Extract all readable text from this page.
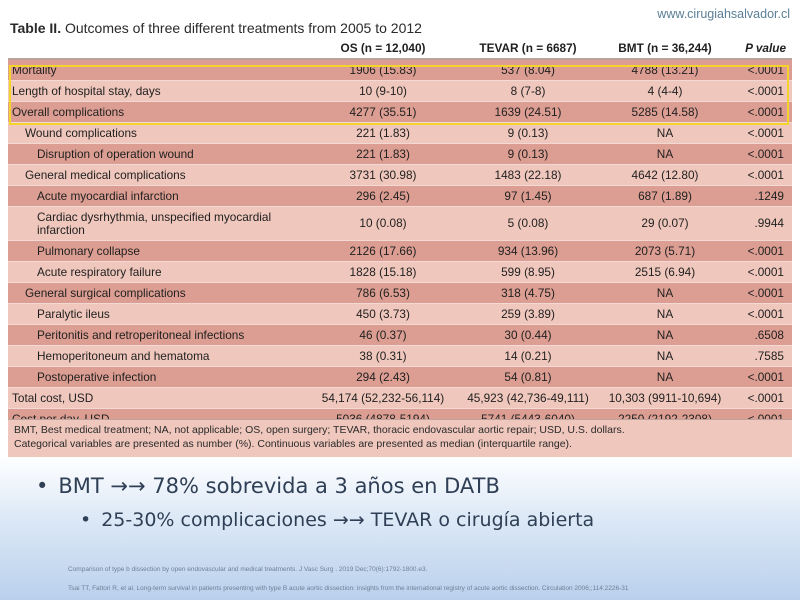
Table II. Outcomes of three different treatments from 2005 to 2012
www.cirugiahsalvador.cl
	OS (n = 12,040)	TEVAR (n = 6687)	BMT (n = 36,244)	P value
Mortality	1906 (15.83)	537 (8.04)	4788 (13.21)	<.0001
Length of hospital stay, days	10 (9-10)	8 (7-8)	4 (4-4)	<.0001
Overall complications	4277 (35.51)	1639 (24.51)	5285 (14.58)	<.0001
Wound complications	221 (1.83)	9 (0.13)	NA	<.0001
Disruption of operation wound	221 (1.83)	9 (0.13)	NA	<.0001
General medical complications	3731 (30.98)	1483 (22.18)	4642 (12.80)	<.0001
Acute myocardial infarction	296 (2.45)	97 (1.45)	687 (1.89)	.1249
Cardiac dysrhythmia, unspecified myocardial infarction	10 (0.08)	5 (0.08)	29 (0.07)	.9944
Pulmonary collapse	2126 (17.66)	934 (13.96)	2073 (5.71)	<.0001
Acute respiratory failure	1828 (15.18)	599 (8.95)	2515 (6.94)	<.0001
General surgical complications	786 (6.53)	318 (4.75)	NA	<.0001
Paralytic ileus	450 (3.73)	259 (3.89)	NA	<.0001
Peritonitis and retroperitoneal infections	46 (0.37)	30 (0.44)	NA	.6508
Hemoperitoneum and hematoma	38 (0.31)	14 (0.21)	NA	.7585
Postoperative infection	294 (2.43)	54 (0.81)	NA	<.0001
Total cost, USD	54,174 (52,232-56,114)	45,923 (42,736-49,111)	10,303 (9911-10,694)	<.0001

BMT, Best medical treatment; NA, not applicable; OS, open surgery; TEVAR, thoracic endovascular aortic repair; USD, U.S. dollars.
Categorical variables are presented as number (%). Continuous variables are presented as median (interquartile range).
• BMT →→ 78% sobrevida a 3 años en DATB
• 25-30% complicaciones →→ TEVAR o cirugía abierta
Comparison of type b dissection by open endovascular and medical treatments. J Vasc Surg . 2019 Dec;70(6):1792-1800.e3.
Tsai TT, Fattori R, et al. Long-term survival in patients presenting with type B acute aortic dissection: insights from the international registry of acute aortic dissection. Circulation 2006;;114:2226-31
